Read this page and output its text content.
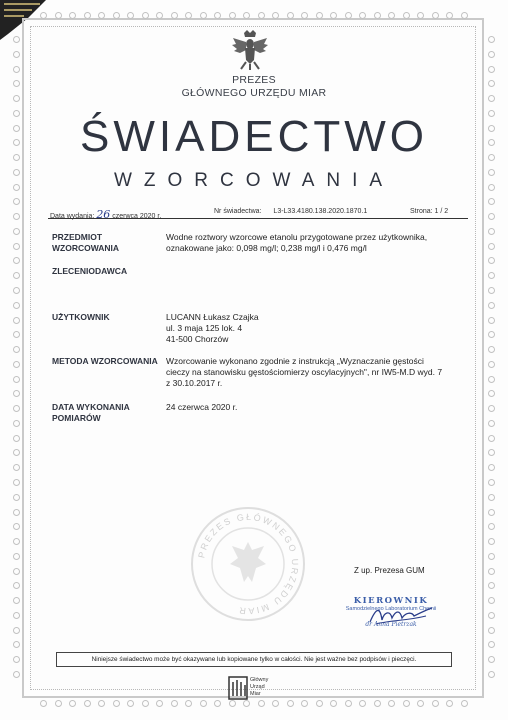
PREZES
GŁÓWNEGO URZĘDU MIAR
ŚWIADECTWO
WZORCOWANIA
Data wydania: 26 czerwca 2020 r.
Nr świadectwa: L3-L33.4180.138.2020.1870.1	Strona: 1 / 2
PRZEDMIOT WZORCOWANIA
Wodne roztwory wzorcowe etanolu przygotowane przez użytkownika, oznakowane jako: 0,098 mg/l; 0,238 mg/l i 0,476 mg/l
ZLECENIODAWCA
UŻYTKOWNIK	LUCANN Łukasz Czajka
ul. 3 maja 125 lok. 4
41-500 Chorzów
METODA WZORCOWANIA Wzorcowanie wykonano zgodnie z instrukcją „Wyznaczanie gęstości cieczy na stanowisku gęstościomierzy oscylacyjnych", nr IW5-M.D wyd. 7 z 30.10.2017 r.
DATA WYKONANIA POMIARÓW
24 czerwca 2020 r.
PREZES GŁÓWNEGO URZĘDU MIAR
Z up. Prezesa GUM
KIEROWNIK
Samodzielnego Laboratorium Chemii
dr Anna Pietrzak
Niniejsze świadectwo może być okazywane lub kopiowane tylko w całości. Nie jest ważne bez podpisów i pieczęci.
Główny
Urząd
Miar
